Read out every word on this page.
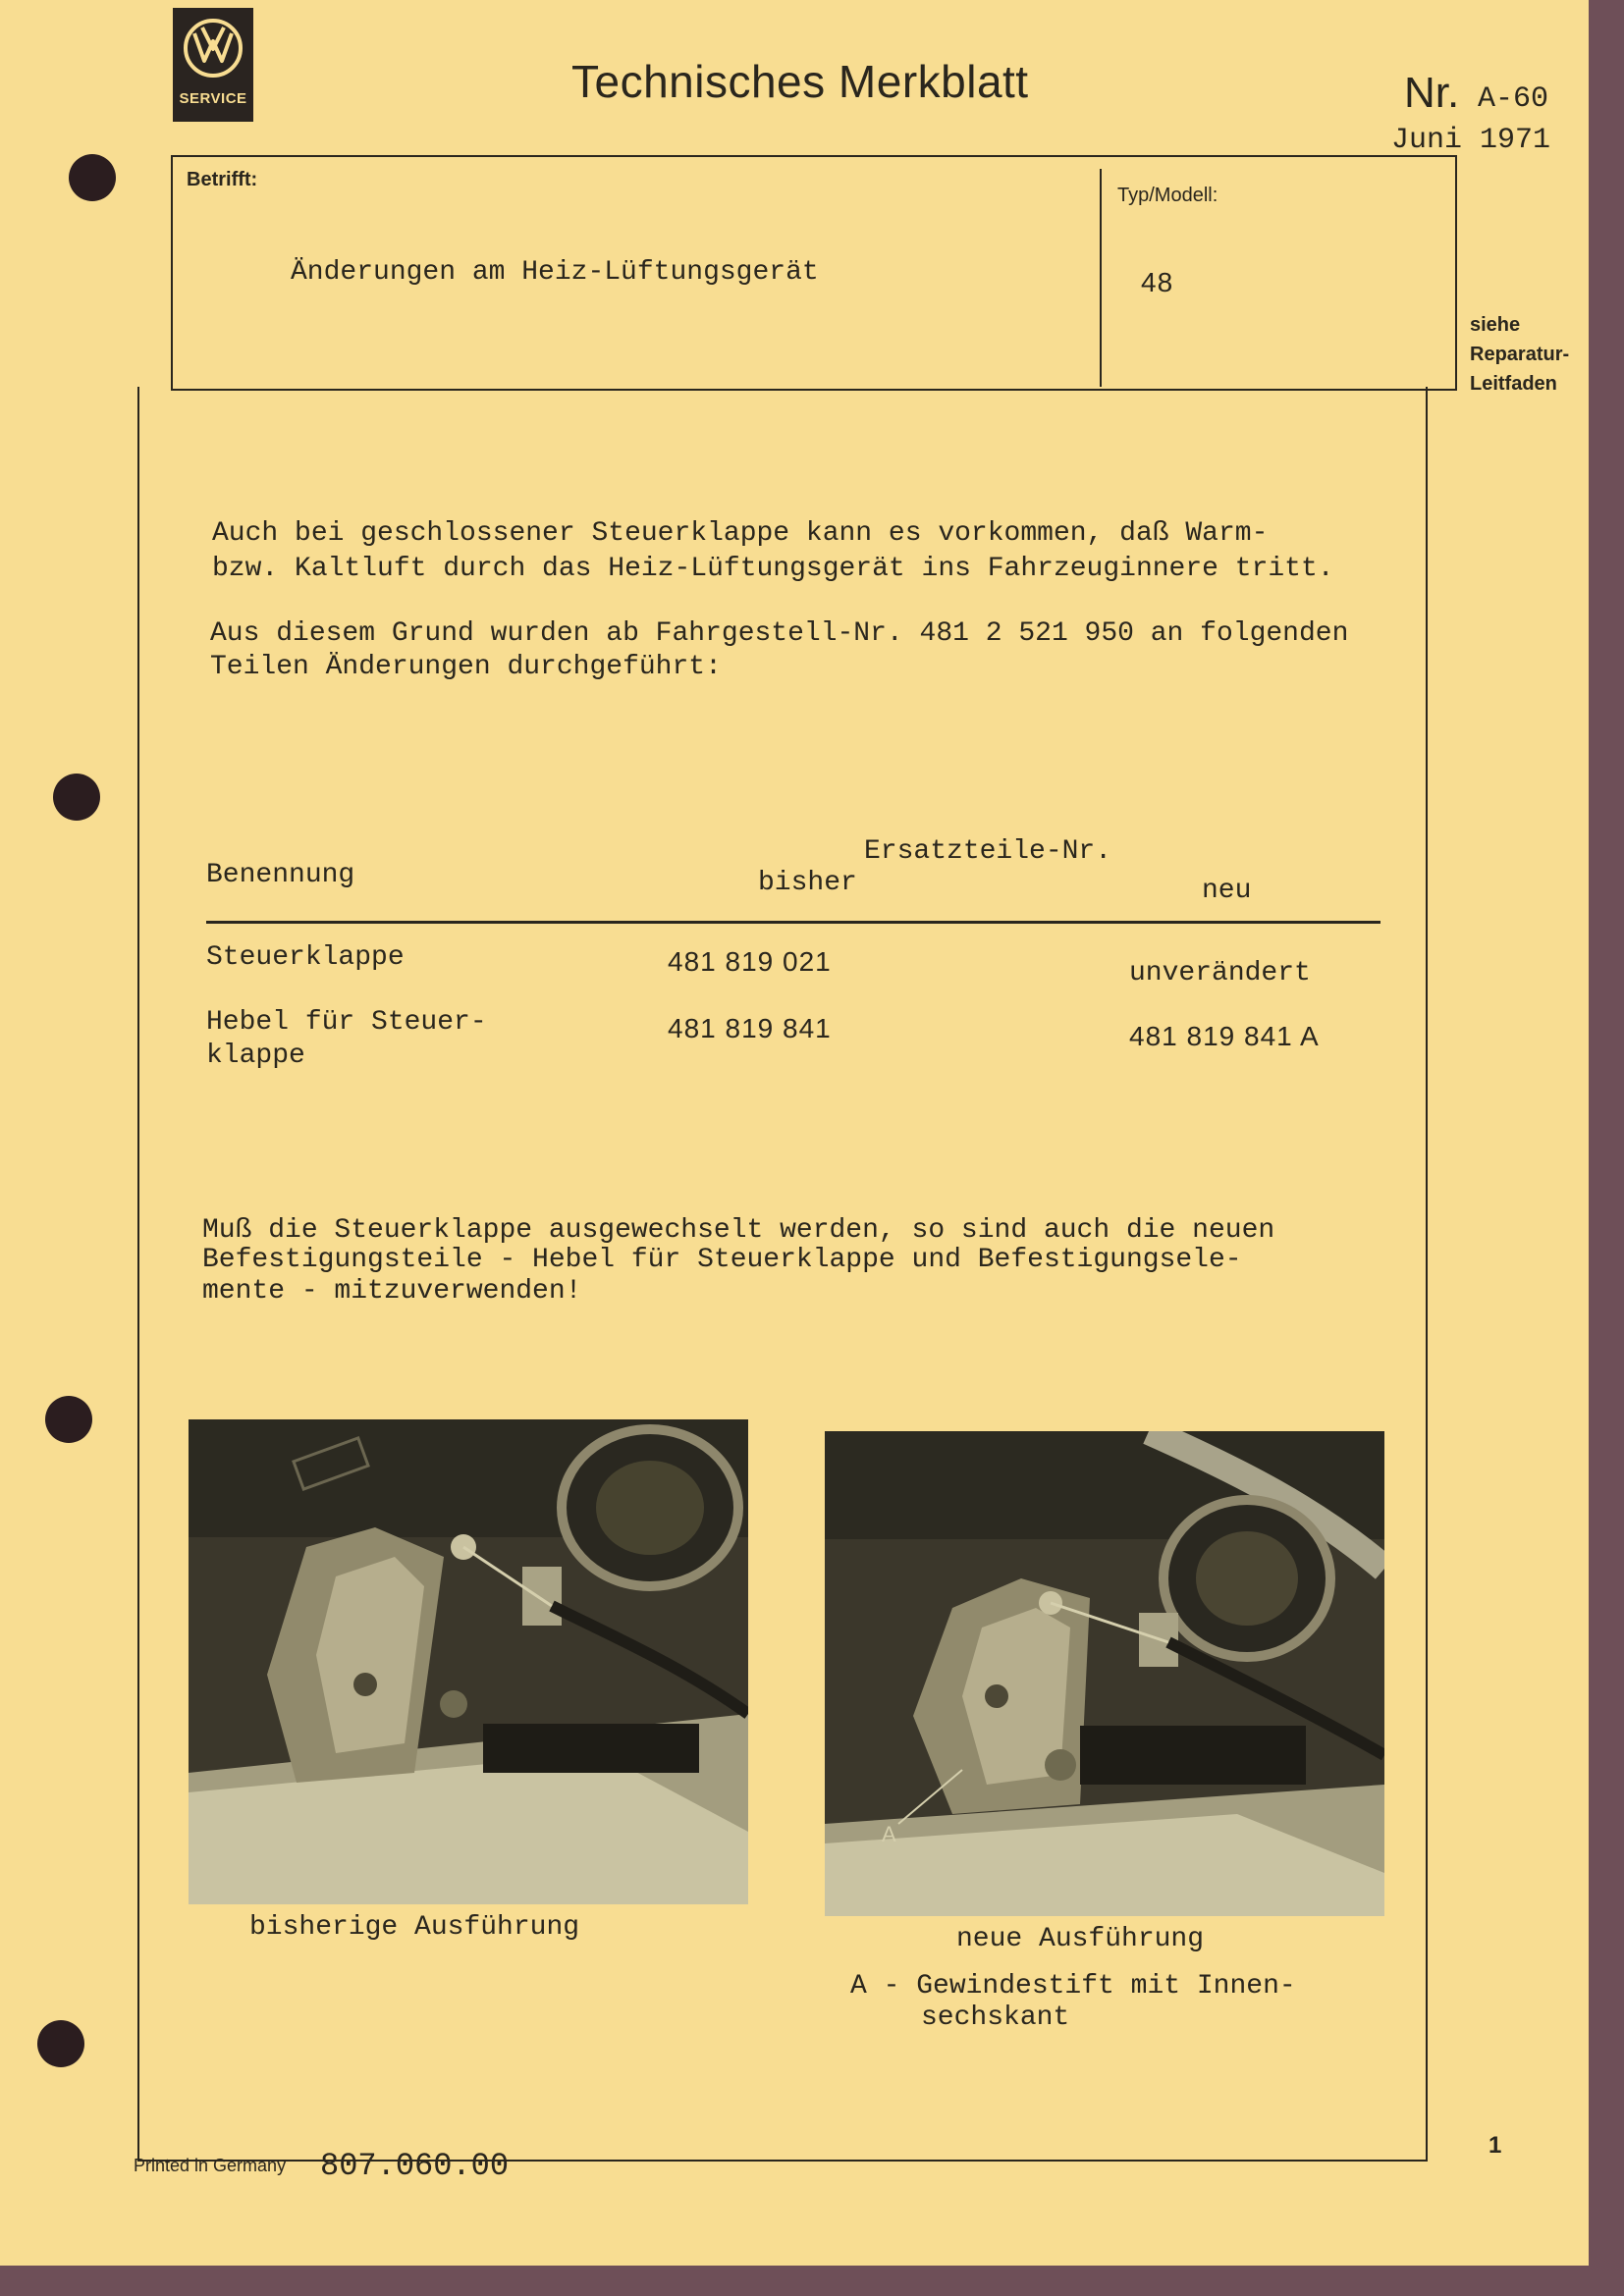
SERVICE	Technisches Merkblatt	Nr. A-60
Juni 1971
Betrifft:
Änderungen am Heiz-Lüftungsgerät
Typ/Modell:
48
siehe
Reparatur-
Leitfaden
Auch bei geschlossener Steuerklappe kann es vorkommen, daß Warm-
bzw. Kaltluft durch das Heiz-Lüftungsgerät ins Fahrzeuginnere tritt.
Aus diesem Grund wurden ab Fahrgestell-Nr. 481 2 521 950 an folgenden
Teilen Änderungen durchgeführt:
Ersatzteile-Nr.
Benennung	bisher	neu
Steuerklappe	481 819 021	unverändert
Hebel für Steuer-
klappe
481 819 841	481 819 841 A
Muß die Steuerklappe ausgewechselt werden, so sind auch die neuen
Befestigungsteile - Hebel für Steuerklappe und Befestigungsele-
mente - mitzuverwenden!
A
bisherige Ausführung	neue Ausführung
A - Gewindestift mit Innen-
sechskant
Printed in Germany 807.060.00
1
